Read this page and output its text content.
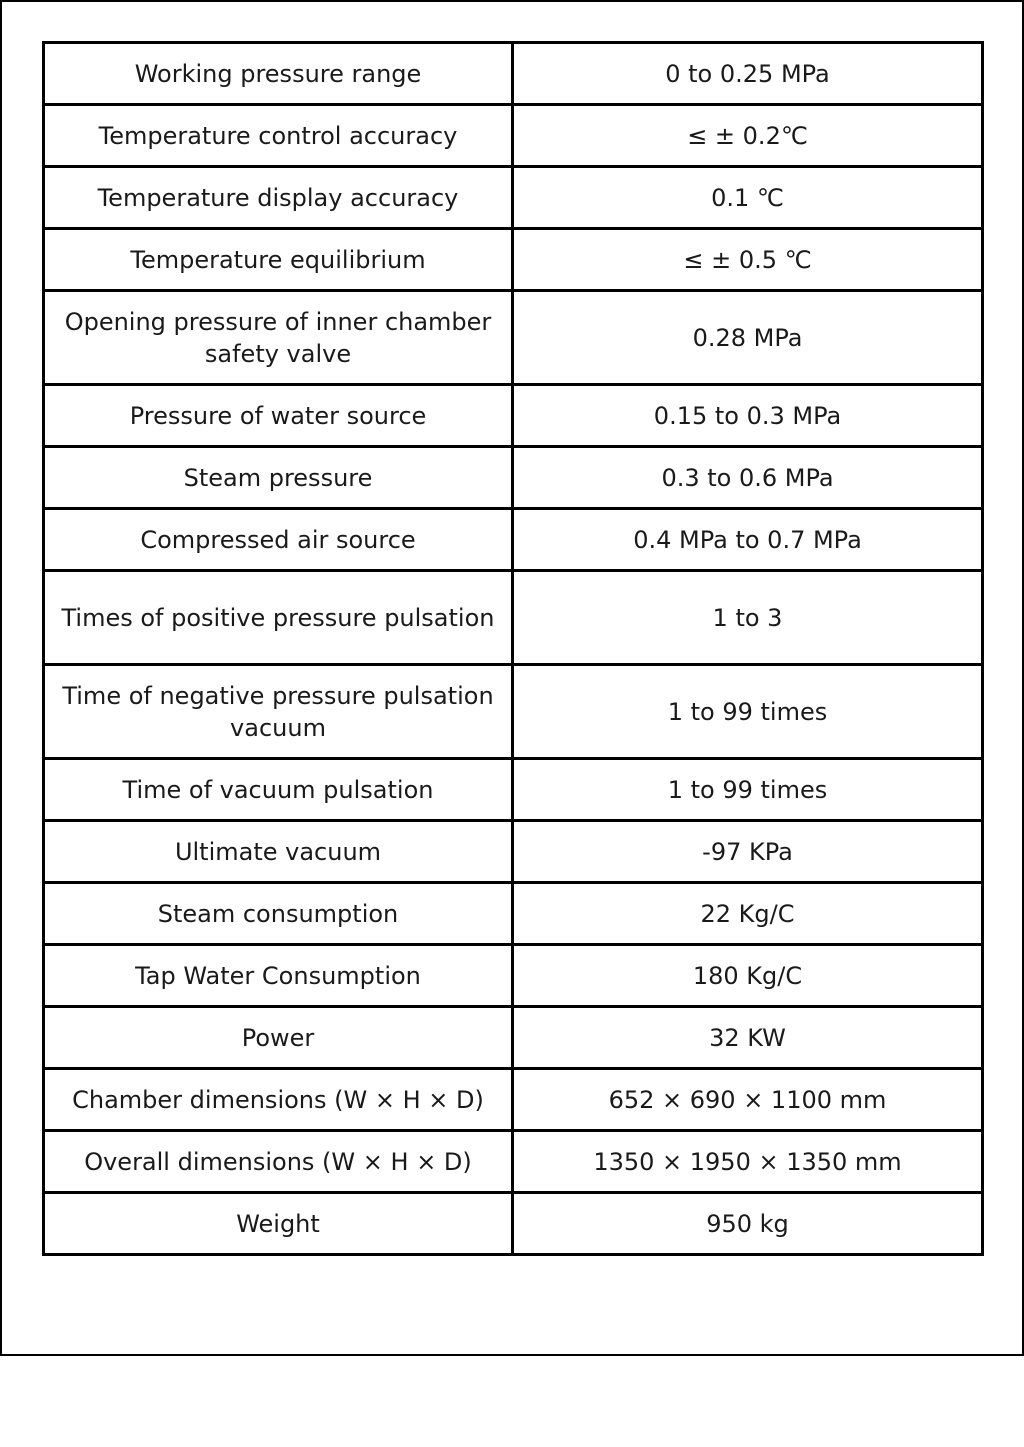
Working pressure range	0 to 0.25 MPa
Temperature control accuracy	≤ ± 0.2℃
Temperature display accuracy	0.1 ℃
Temperature equilibrium	≤ ± 0.5 ℃
Opening pressure of inner chamber safety valve	0.28 MPa
Pressure of water source	0.15 to 0.3 MPa
Steam pressure	0.3 to 0.6 MPa
Compressed air source	0.4 MPa to 0.7 MPa
Times of positive pressure pulsation	1 to 3
Time of negative pressure pulsation vacuum	1 to 99 times
Time of vacuum pulsation	1 to 99 times
Ultimate vacuum	-97 KPa
Steam consumption	22 Kg/C
Tap Water Consumption	180 Kg/C
Power	32 KW
Chamber dimensions (W × H × D)	652 × 690 × 1100 mm
Overall dimensions (W × H × D)	1350 × 1950 × 1350 mm
Weight	950 kg
